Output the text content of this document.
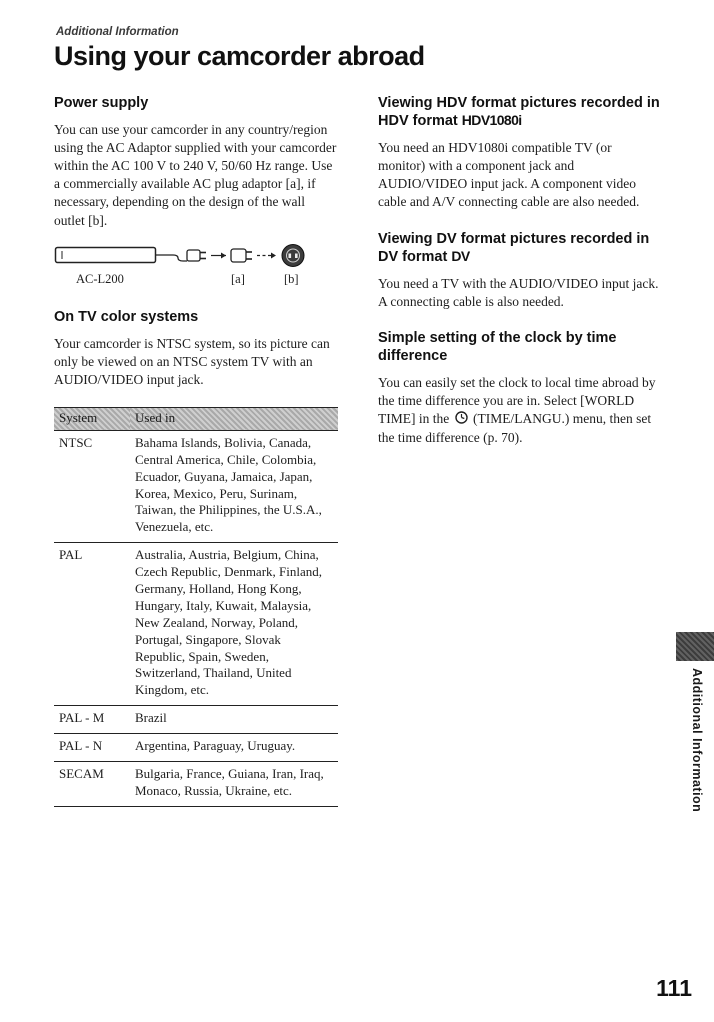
Additional Information
Using your camcorder abroad
Power supply

You can use your camcorder in any country/region using the AC Adaptor supplied with your camcorder within the AC 100 V to 240 V, 50/60 Hz range. Use a commercially available AC plug adaptor [a], if necessary, depending on the design of the wall outlet [b].

AC-L200	[a]	[b]
On TV color systems

Your camcorder is NTSC system, so its picture can only be viewed on an NTSC system TV with an AUDIO/VIDEO input jack.

System	Used in
NTSC	Bahama Islands, Bolivia, Canada, Central America, Chile, Colombia, Ecuador, Guyana, Jamaica, Japan, Korea, Mexico, Peru, Surinam, Taiwan, the Philippines, the U.S.A., Venezuela, etc.
PAL	Australia, Austria, Belgium, China, Czech Republic, Denmark, Finland, Germany, Holland, Hong Kong, Hungary, Italy, Kuwait, Malaysia, New Zealand, Norway, Poland, Portugal, Singapore, Slovak Republic, Spain, Sweden, Switzerland, Thailand, United Kingdom, etc.
PAL - M	Brazil
PAL - N	Argentina, Paraguay, Uruguay.
SECAM	Bulgaria, France, Guiana, Iran, Iraq, Monaco, Russia, Ukraine, etc.
Viewing HDV format pictures recorded in HDV format HDV1080i

You need an HDV1080i compatible TV (or monitor) with a component jack and AUDIO/VIDEO input jack. A component video cable and A/V connecting cable are also needed.

Viewing DV format pictures recorded in DV format DV

You need a TV with the AUDIO/VIDEO input jack. A connecting cable is also needed.

Simple setting of the clock by time difference

You can easily set the clock to local time abroad by the time difference you are in. Select [WORLD TIME] in the (TIME/LANGU.) menu, then set the time difference (p. 70).

Additional Information
111
